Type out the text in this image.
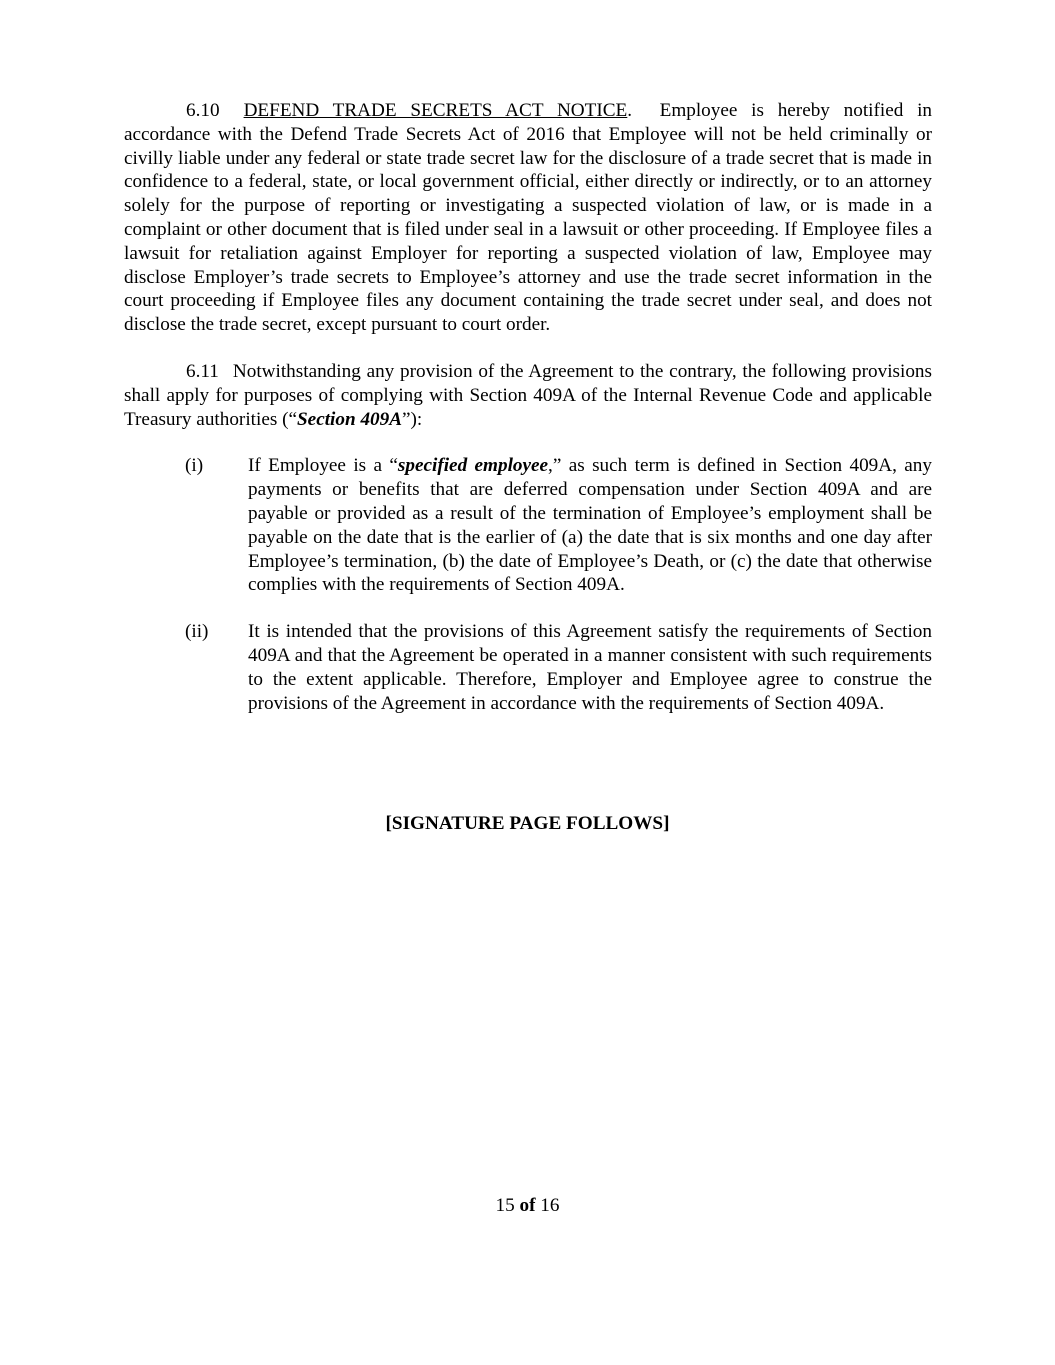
6.10 DEFEND TRADE SECRETS ACT NOTICE.  Employee is hereby notified in accordance with the Defend Trade Secrets Act of 2016 that Employee will not be held criminally or civilly liable under any federal or state trade secret law for the disclosure of a trade secret that is made in confidence to a federal, state, or local government official, either directly or indirectly, or to an attorney solely for the purpose of reporting or investigating a suspected violation of law, or is made in a complaint or other document that is filed under seal in a lawsuit or other proceeding. If Employee files a lawsuit for retaliation against Employer for reporting a suspected violation of law, Employee may disclose Employer’s trade secrets to Employee’s attorney and use the trade secret information in the court proceeding if Employee files any document containing the trade secret under seal, and does not disclose the trade secret, except pursuant to court order.

6.11 Notwithstanding any provision of the Agreement to the contrary, the following provisions shall apply for purposes of complying with Section 409A of the Internal Revenue Code and applicable Treasury authorities (“Section 409A”):

(i) If Employee is a “specified employee,” as such term is defined in Section 409A, any payments or benefits that are deferred compensation under Section 409A and are payable or provided as a result of the termination of Employee’s employment shall be payable on the date that is the earlier of (a) the date that is six months and one day after Employee’s termination, (b) the date of Employee’s Death, or (c) the date that otherwise complies with the requirements of Section 409A.

(ii) It is intended that the provisions of this Agreement satisfy the requirements of Section 409A and that the Agreement be operated in a manner consistent with such requirements to the extent applicable. Therefore, Employer and Employee agree to construe the provisions of the Agreement in accordance with the requirements of Section 409A.

[SIGNATURE PAGE FOLLOWS]
15 of 16
